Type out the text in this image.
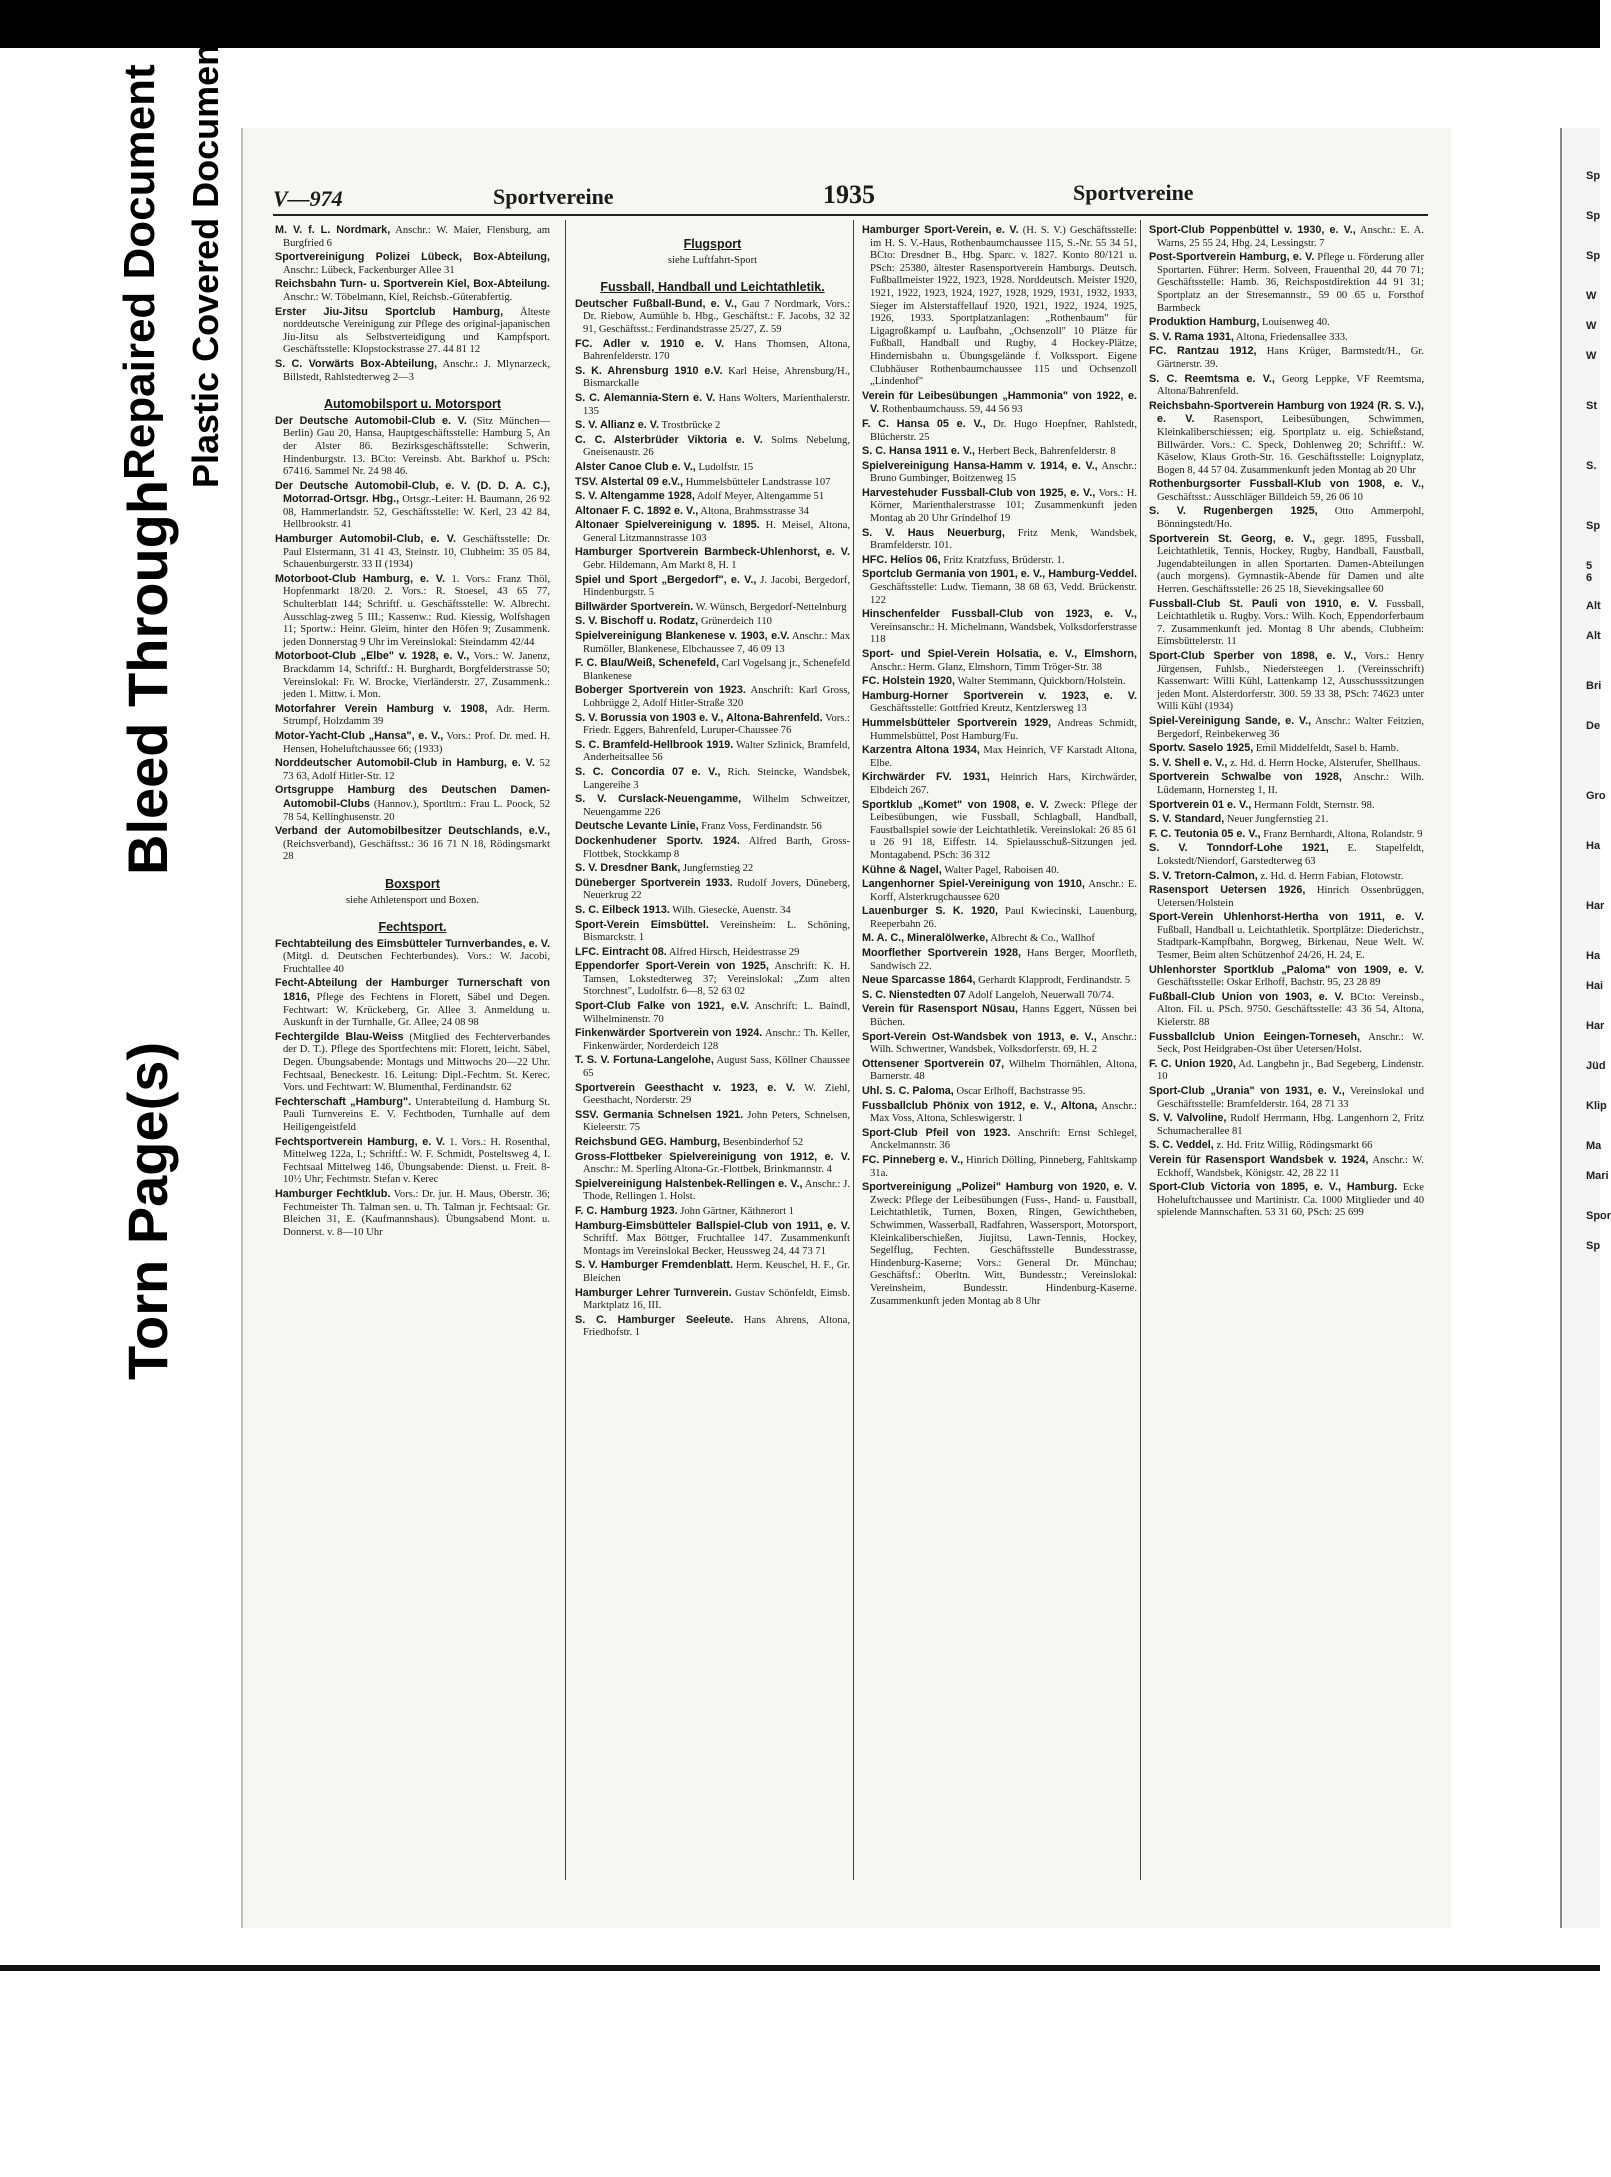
Torn Page(s)
Bleed Through
Repaired Document Plastic Covered Document V—974	Sportvereine	1935	Sportvereine
M. V. f. L. Nordmark, Anschr.: W. Maier, Flensburg, am Burgfried 6
Sportvereinigung Polizei Lübeck, Box-Abteilung, Anschr.: Lübeck, Fackenburger Allee 31
Reichsbahn Turn- u. Sportverein Kiel, Box-Abteilung. Anschr.: W. Töbelmann, Kiel, Reichsb.-Güterabfertig.
Erster Jiu-Jitsu Sportclub Hamburg, Älteste norddeutsche Vereinigung zur Pflege des original-japanischen Jiu-Jitsu als Selbstverteidigung und Kampfsport. Geschäftsstelle: Klopstockstrasse 27. 44 81 12
S. C. Vorwärts Box-Abteilung, Anschr.: J. Mlynarzeck, Billstedt, Rahlstedterweg 2—3
Automobilsport u. Motorsport
Der Deutsche Automobil-Club e. V. (Sitz München—Berlin) Gau 20, Hansa, Hauptgeschäftsstelle: Hamburg 5, An der Alster 86. Bezirksgeschäftsstelle: Schwerin, Hindenburgstr. 13. BCto: Vereinsb. Abt. Barkhof u. PSch: 67416. Sammel Nr. 24 98 46.
Der Deutsche Automobil-Club, e. V. (D. D. A. C.), Motorrad-Ortsgr. Hbg., Ortsgr.-Leiter: H. Baumann, 26 92 08, Hammerlandstr. 52, Geschäftsstelle: W. Kerl, 23 42 84, Hellbrookstr. 41
Hamburger Automobil-Club, e. V. Geschäftsstelle: Dr. Paul Elstermann, 31 41 43, Steinstr. 10, Clubheim: 35 05 84, Schauenburgerstr. 33 II (1934)
Motorboot-Club Hamburg, e. V. 1. Vors.: Franz Thöl, Hopfenmarkt 18/20. 2. Vors.: R. Stoesel, 43 65 77, Schulterblatt 144; Schriftf. u. Geschäftsstelle: W. Albrecht. Ausschlag-zweg 5 III.; Kassenw.: Rud. Kiessig, Wolfshagen 11; Sportw.: Heinr. Gleim, hinter den Höfen 9; Zusammenk. jeden Donnerstag 9 Uhr im Vereinslokal: Steindamm 42/44
Motorboot-Club „Elbe" v. 1928, e. V., Vors.: W. Janenz, Brackdamm 14, Schriftf.: H. Burghardt, Borgfelderstrasse 50; Vereinslokal: Fr. W. Brocke, Vierländerstr. 27, Zusammenk.: jeden 1. Mittw. i. Mon.
Motorfahrer Verein Hamburg v. 1908, Adr. Herm. Strumpf, Holzdamm 39
Motor-Yacht-Club „Hansa", e. V., Vors.: Prof. Dr. med. H. Hensen, Hoheluftchaussee 66; (1933)
Norddeutscher Automobil-Club in Hamburg, e. V. 52 73 63, Adolf Hitler-Str. 12
Ortsgruppe Hamburg des Deutschen Damen-Automobil-Clubs (Hannov.), Sportltrn.: Frau L. Poock, 52 78 54, Kellinghusenstr. 20
Verband der Automobilbesitzer Deutschlands, e.V., (Reichsverband), Geschäftsst.: 36 16 71 N 18, Rödingsmarkt 28
Boxsport
siehe Athletensport und Boxen.
Fechtsport.
Fechtabteilung des Eimsbütteler Turnverbandes, e. V. (Mitgl. d. Deutschen Fechterbundes). Vors.: W. Jacobi, Fruchtallee 40
Fecht-Abteilung der Hamburger Turnerschaft von 1816, Pflege des Fechtens in Florett, Säbel und Degen. Fechtwart: W. Krückeberg, Gr. Allee 3. Anmeldung u. Auskunft in der Turnhalle, Gr. Allee, 24 08 98
Fechtergilde Blau-Weiss (Mitglied des Fechterverbandes der D. T.). Pflege des Sportfechtens mit: Florett, leicht. Säbel, Degen. Übungsabende: Montags und Mittwochs 20—22 Uhr. Fechtsaal, Beneckestr. 16. Leitung: Dipl.-Fechtm. St. Kerec. Vors. und Fechtwart: W. Blumenthal, Ferdinandstr. 62
Fechterschaft „Hamburg". Unterabteilung d. Hamburg St. Pauli Turnvereins E. V. Fechtboden, Turnhalle auf dem Heiligengeistfeld
Fechtsportverein Hamburg, e. V. 1. Vors.: H. Rosenthal, Mittelweg 122a, I.; Schriftf.: W. F. Schmidt, Posteltsweg 4, I. Fechtsaal Mittelweg 146, Übungsabende: Dienst. u. Freit. 8-10½ Uhr; Fechtmstr. Stefan v. Kerec
Hamburger Fechtklub. Vors.: Dr. jur. H. Maus, Oberstr. 36; Fechtmeister Th. Talman sen. u. Th. Talman jr. Fechtsaal: Gr. Bleichen 31, E. (Kaufmannshaus). Übungsabend Mont. u. Donnerst. v. 8—10 Uhr
Flugsport
siehe Luftfahrt-Sport
Fussball, Handball und Leichtathletik.
Deutscher Fußball-Bund, e. V., Gau 7 Nordmark, Vors.: Dr. Riebow, Aumühle b. Hbg., Geschäftst.: F. Jacobs, 32 32 91, Geschäftsst.: Ferdinandstrasse 25/27, Z. 59
FC. Adler v. 1910 e. V. Hans Thomsen, Altona, Bahrenfelderstr. 170
S. K. Ahrensburg 1910 e.V. Karl Heise, Ahrensburg/H., Bismarckalle
S. C. Alemannia-Stern e. V. Hans Wolters, Marienthalerstr. 135
S. V. Allianz e. V. Trostbrücke 2
C. C. Alsterbrüder Viktoria e. V. Solms Nebelung, Gneisenaustr. 26
Alster Canoe Club e. V., Ludolfstr. 15
TSV. Alstertal 09 e.V., Hummelsbütteler Landstrasse 107
S. V. Altengamme 1928, Adolf Meyer, Altengamme 51
Altonaer F. C. 1892 e. V., Altona, Brahmsstrasse 34
Altonaer Spielvereinigung v. 1895. H. Meisel, Altona, General Litzmannstrasse 103
Hamburger Sportverein Barmbeck-Uhlenhorst, e. V. Gebr. Hildemann, Am Markt 8, H. 1
Spiel und Sport „Bergedorf", e. V., J. Jacobi, Bergedorf, Hindenburgstr. 5
Billwärder Sportverein. W. Wünsch, Bergedorf-Nettelnburg
S. V. Bischoff u. Rodatz, Grünerdeich 110
Spielvereinigung Blankenese v. 1903, e.V. Anschr.: Max Rumöller, Blankenese, Elbchaussee 7, 46 09 13
F. C. Blau/Weiß, Schenefeld, Carl Vogelsang jr., Schenefeld Blankenese
Boberger Sportverein von 1923. Anschrift: Karl Gross, Lohbrügge 2, Adolf Hitler-Straße 320
S. V. Borussia von 1903 e. V., Altona-Bahrenfeld. Vors.: Friedr. Eggers, Bahrenfeld, Luruper-Chaussee 76
S. C. Bramfeld-Hellbrook 1919. Walter Szlinick, Bramfeld, Anderheitsallee 56
S. C. Concordia 07 e. V., Rich. Steincke, Wandsbek, Langereihe 3
S. V. Curslack-Neuengamme, Wilhelm Schweitzer, Neuengamme 226
Deutsche Levante Linie, Franz Voss, Ferdinandstr. 56
Dockenhudener Sportv. 1924. Alfred Barth, Gross-Flottbek, Stockkamp 8
S. V. Dresdner Bank, Jungfernstieg 22
Düneberger Sportverein 1933. Rudolf Jovers, Düneberg, Neuerkrug 22
S. C. Eilbeck 1913. Wilh. Giesecke, Auenstr. 34
Sport-Verein Eimsbüttel. Vereinsheim: L. Schöning, Bismarckstr. 1
LFC. Eintracht 08. Alfred Hirsch, Heidestrasse 29
Eppendorfer Sport-Verein von 1925, Anschrift: K. H. Tamsen, Lokstedterweg 37; Vereinslokal: „Zum alten Storchnest", Ludolfstr. 6—8, 52 63 02
Sport-Club Falke von 1921, e.V. Anschrift: L. Baindl, Wilhelminenstr. 70
Finkenwärder Sportverein von 1924. Anschr.: Th. Keller, Finkenwärder, Norderdeich 128
T. S. V. Fortuna-Langelohe, August Sass, Köllner Chaussee 65
Sportverein Geesthacht v. 1923, e. V. W. Ziehl, Geesthacht, Norderstr. 29
SSV. Germania Schnelsen 1921. John Peters, Schnelsen, Kieleerstr. 75
Reichsbund GEG. Hamburg, Besenbinderhof 52
Gross-Flottbeker Spielvereinigung von 1912, e. V. Anschr.: M. Sperling Altona-Gr.-Flottbek, Brinkmannstr. 4
Spielvereinigung Halstenbek-Rellingen e. V., Anschr.: J. Thode, Rellingen 1. Holst.
F. C. Hamburg 1923. John Gärtner, Käthnerort 1
Hamburg-Eimsbütteler Ballspiel-Club von 1911, e. V. Schriftf. Max Böttger, Fruchtallee 147. Zusammenkunft Montags im Vereinslokal Becker, Heussweg 24, 44 73 71
S. V. Hamburger Fremdenblatt. Herm. Keuschel, H. F., Gr. Bleichen
Hamburger Lehrer Turnverein. Gustav Schönfeldt, Eimsb. Marktplatz 16, III.
S. C. Hamburger Seeleute. Hans Ahrens, Altona, Friedhofstr. 1
Hamburger Sport-Verein, e. V. (H. S. V.) Geschäftsstelle: im H. S. V.-Haus, Rothenbaumchaussee 115, S.-Nr. 55 34 51, BCto: Dresdner B., Hbg. Sparc. v. 1827. Konto 80/121 u. PSch: 25380, ältester Rasensportverein Hamburgs. Deutsch. Fußballmeister 1922, 1923, 1928. Norddeutsch. Meister 1920, 1921, 1922, 1923, 1924, 1927, 1928, 1929, 1931, 1932, 1933, Sieger im Alsterstaffellauf 1920, 1921, 1922, 1924, 1925, 1926, 1933. Sportplatzanlagen: „Rothenbaum" für Ligagroßkampf u. Laufbahn, „Ochsenzoll" 10 Plätze für Fußball, Handball und Rugby, 4 Hockey-Plätze, Hindernisbahn u. Übungsgelände f. Volkssport. Eigene Clubhäuser Rothenbaumchaussee 115 und Ochsenzoll „Lindenhof"
Verein für Leibesübungen „Hammonia" von 1922, e. V. Rothenbaumchauss. 59, 44 56 93
F. C. Hansa 05 e. V., Dr. Hugo Hoepfner, Rahlstedt, Blücherstr. 25
S. C. Hansa 1911 e. V., Herbert Beck, Bahrenfelderstr. 8
Spielvereinigung Hansa-Hamm v. 1914, e. V., Anschr.: Bruno Gumbinger, Boitzenweg 15
Harvestehuder Fussball-Club von 1925, e. V., Vors.: H. Körner, Marienthalerstrasse 101; Zusammenkunft jeden Montag ab 20 Uhr Grindelhof 19
S. V. Haus Neuerburg, Fritz Menk, Wandsbek, Bramfelderstr. 101.
HFC. Helios 06, Fritz Kratzfuss, Brüderstr. 1.
Sportclub Germania von 1901, e. V., Hamburg-Veddel. Geschäftsstelle: Ludw. Tiemann, 38 68 63, Vedd. Brückenstr. 122
Hinschenfelder Fussball-Club von 1923, e. V., Vereinsanschr.: H. Michelmann, Wandsbek, Volksdorferstrasse 118
Sport- und Spiel-Verein Holsatia, e. V., Elmshorn, Anschr.: Herm. Glanz, Elmshorn, Timm Tröger-Str. 38
FC. Holstein 1920, Walter Stemmann, Quickborn/Holstein.
Hamburg-Horner Sportverein v. 1923, e. V. Geschäftsstelle: Gottfried Kreutz, Kentzlersweg 13
Hummelsbütteler Sportverein 1929, Andreas Schmidt, Hummelsbüttel, Post Hamburg/Fu.
Karzentra Altona 1934, Max Heinrich, VF Karstadt Altona, Elbe.
Kirchwärder FV. 1931, Heinrich Hars, Kirchwärder, Elbdeich 267.
Sportklub „Komet" von 1908, e. V. Zweck: Pflege der Leibesübungen, wie Fussball, Schlagball, Handball, Faustballspiel sowie der Leichtathletik. Vereinslokal: 26 85 61 u 26 91 18, Eiffestr. 14. Spielausschuß-Sitzungen jed. Montagabend. PSch: 36 312
Kühne & Nagel, Walter Pagel, Raboisen 40.
Langenhorner Spiel-Vereinigung von 1910, Anschr.: E. Korff, Alsterkrugchaussee 620
Lauenburger S. K. 1920, Paul Kwiecinski, Lauenburg, Reeperbahn 26.
M. A. C., Mineralölwerke, Albrecht & Co., Wallhof
Moorflether Sportverein 1928, Hans Berger, Moorfleth, Sandwisch 22.
Neue Sparcasse 1864, Gerhardt Klapprodt, Ferdinandstr. 5
S. C. Nienstedten 07 Adolf Langeloh, Neuerwall 70/74.
Verein für Rasensport Nüsau, Hanns Eggert, Nüssen bei Büchen.
Sport-Verein Ost-Wandsbek von 1913, e. V., Anschr.: Wilh. Schwertner, Wandsbek, Volksdorferstr. 69, H. 2
Ottensener Sportverein 07, Wilhelm Thornählen, Altona, Barnerstr. 48
Uhl. S. C. Paloma, Oscar Erlhoff, Bachstrasse 95.
Fussballclub Phönix von 1912, e. V., Altona, Anschr.: Max Voss, Altona, Schleswigerstr. 1
Sport-Club Pfeil von 1923. Anschrift: Ernst Schlegel, Anckelmannstr. 36
FC. Pinneberg e. V., Hinrich Dölling, Pinneberg, Fahltskamp 31a.
Sportvereinigung „Polizei" Hamburg von 1920, e. V. Zweck: Pflege der Leibesübungen (Fuss-, Hand- u. Faustball, Leichtathletik, Turnen, Boxen, Ringen, Gewichtheben, Schwimmen, Wasserball, Radfahren, Wassersport, Motorsport, Kleinkaliberschießen, Jiujitsu, Lawn-Tennis, Hockey, Segelflug, Fechten. Geschäftsstelle Bundesstrasse, Hindenburg-Kaserne; Vors.: General Dr. Münchau; Geschäftsf.: Oberltn. Witt, Bundesstr.; Vereinslokal: Vereinsheim, Bundesstr. Hindenburg-Kaserne. Zusammenkunft jeden Montag ab 8 Uhr
Sport-Club Poppenbüttel v. 1930, e. V., Anschr.: E. A. Warns, 25 55 24, Hbg. 24, Lessingstr. 7
Post-Sportverein Hamburg, e. V. Pflege u. Förderung aller Sportarten. Führer: Herm. Solveen, Frauenthal 20, 44 70 71; Geschäftsstelle: Hamb. 36, Reichspostdirektion 44 91 31; Sportplatz an der Stresemannstr., 59 00 65 u. Forsthof Barmbeck
Produktion Hamburg, Louisenweg 40.
S. V. Rama 1931, Altona, Friedensallee 333.
FC. Rantzau 1912, Hans Krüger, Barmstedt/H., Gr. Gärtnerstr. 39.
S. C. Reemtsma e. V., Georg Leppke, VF Reemtsma, Altona/Bahrenfeld.
Reichsbahn-Sportverein Hamburg von 1924 (R. S. V.), e. V. Rasensport, Leibesübungen, Schwimmen, Kleinkaliberschiessen; eig. Sportplatz u. eig. Schießstand, Billwärder. Vors.: C. Speck, Dohlenweg 20; Schriftf.: W. Käselow, Klaus Groth-Str. 16. Geschäftsstelle: Loignyplatz, Bogen 8, 44 57 04. Zusammenkunft jeden Montag ab 20 Uhr
Rothenburgsorter Fussball-Klub von 1908, e. V., Geschäftsst.: Ausschläger Billdeich 59, 26 06 10
S. V. Rugenbergen 1925, Otto Ammerpohl, Bönningstedt/Ho.
Sportverein St. Georg, e. V., gegr. 1895, Fussball, Leichtathletik, Tennis, Hockey, Rugby, Handball, Faustball, Jugendabteilungen in allen Sportarten. Damen-Abteilungen (auch morgens). Gymnastik-Abende für Damen und alte Herren. Geschäftsstelle: 26 25 18, Sievekingsallee 60
Fussball-Club St. Pauli von 1910, e. V. Fussball, Leichtathletik u. Rugby. Vors.: Wilh. Koch, Eppendorferbaum 7. Zusammenkunft jed. Montag 8 Uhr abends, Clubheim: Eimsbüttelerstr. 11
Sport-Club Sperber von 1898, e. V., Vors.: Henry Jürgensen, Fuhlsb., Niedersteegen 1. (Vereinsschrift) Kassenwart: Willi Kühl, Lattenkamp 12, Ausschusssitzungen jeden Mont. Alsterdorferstr. 300. 59 33 38, PSch: 74623 unter Willi Kühl (1934)
Spiel-Vereinigung Sande, e. V., Anschr.: Walter Feitzien, Bergedorf, Reinbekerweg 36
Sportv. Saselo 1925, Emil Middelfeldt, Sasel b. Hamb.
S. V. Shell e. V., z. Hd. d. Herrn Hocke, Alsterufer, Shellhaus.
Sportverein Schwalbe von 1928, Anschr.: Wilh. Lüdemann, Hornersteg 1, II.
Sportverein 01 e. V., Hermann Foldt, Sternstr. 98.
S. V. Standard, Neuer Jungfernstieg 21.
F. C. Teutonia 05 e. V., Franz Bernhardt, Altona, Rolandstr. 9
S. V. Tonndorf-Lohe 1921, E. Stapelfeldt, Lokstedt/Niendorf, Garstedterweg 63
S. V. Tretorn-Calmon, z. Hd. d. Herrn Fabian, Flotowstr.
Rasensport Uetersen 1926, Hinrich Ossenbrüggen, Uetersen/Holstein
Sport-Verein Uhlenhorst-Hertha von 1911, e. V. Fußball, Handball u. Leichtathletik. Sportplätze: Diederichstr., Stadtpark-Kampfbahn, Borgweg, Birkenau, Neue Welt. W. Tesmer, Beim alten Schützenhof 24/26, H. 24, E.
Uhlenhorster Sportklub „Paloma" von 1909, e. V. Geschäftsstelle: Oskar Erlhoff, Bachstr. 95, 23 28 89
Fußball-Club Union von 1903, e. V. BCto: Vereinsb., Alton. Fil. u. PSch. 9750. Geschäftsstelle: 43 36 54, Altona, Kielerstr. 88
Fussballclub Union Eeingen-Torneseh, Anschr.: W. Seck, Post Heidgraben-Ost über Uetersen/Holst.
F. C. Union 1920, Ad. Langbehn jr., Bad Segeberg, Lindenstr. 10
Sport-Club „Urania" von 1931, e. V., Vereinslokal und Geschäftsstelle: Bramfelderstr. 164, 28 71 33
S. V. Valvoline, Rudolf Herrmann, Hbg. Langenhorn 2, Fritz Schumacherallee 81
S. C. Veddel, z. Hd. Fritz Willig, Rödingsmarkt 66
Verein für Rasensport Wandsbek v. 1924, Anschr.: W. Eckhoff, Wandsbek, Königstr. 42, 28 22 11
Sport-Club Victoria von 1895, e. V., Hamburg. Ecke Hoheluftchaussee und Martinistr. Ca. 1000 Mitglieder und 40 spielende Mannschaften. 53 31 60, PSch: 25 699
Sp
Sp
Sp
W
W
W
St
S.
Sp
5 6
Alt
Alt
Bri
De
Gro
Ha
Har
Ha
Hai
Har
Jüd
Klip
Ma
Mari
Spor
Sp
